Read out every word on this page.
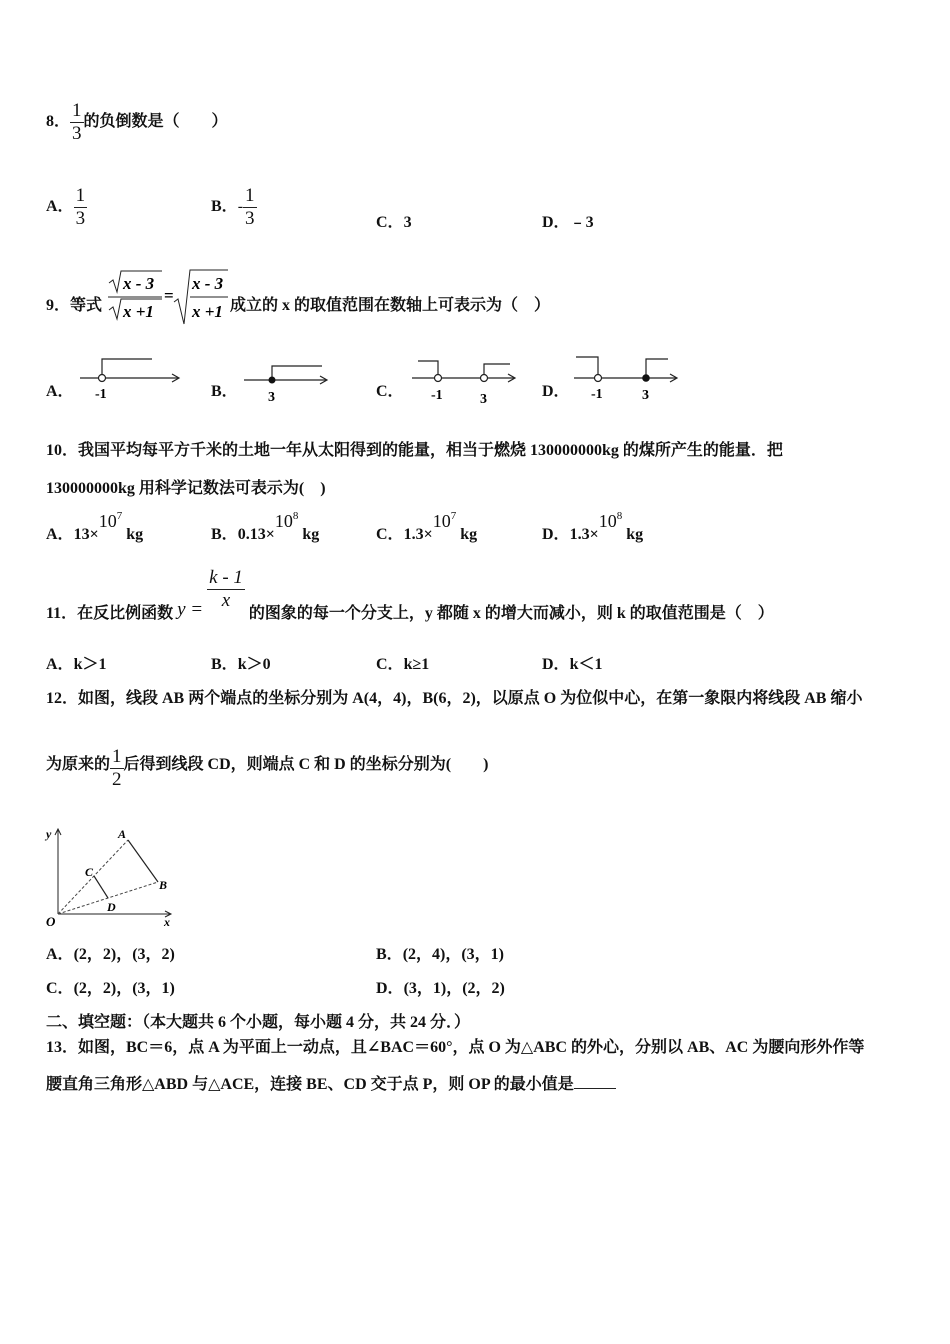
8． $\frac{1}{3}$ 的负倒数是（　　）
A． $\frac{1}{3}$	B．- $\frac{1}{3}$	C．3	D．﹣3
9．等式
x - 3
x +1
=
x - 3
x +1 成立的 x 的取值范围在数轴上可表示为（　）
A． -1	B． 3	C． -1	3	D． -1	3
10．我国平均每平方千米的土地一年从太阳得到的能量，相当于燃烧 130000000kg 的煤所产生的能量．把
130000000kg 用科学记数法可表示为(　)
A．$13\times 10^7$ kg	B．$0.13\times 10^8$ kg	C．$1.3\times 10^7$ kg	D．$1.3\times 10^8$ kg
11．在反比例函数 $y = \frac{k - 1}{x}$
的图象的每一个分支上，y 都随 x 的增大而减小，则 k 的取值范围是（　）
A．k＞1	B．k＞0	C．k≥1	D．k＜1
12．如图，线段 AB 两个端点的坐标分别为 A(4，4)，B(6，2)，以原点 O 为位似中心，在第一象限内将线段 AB 缩小
为原来的 $\frac{1}{2}$ 后得到线段 CD，则端点 C 和 D 的坐标分别为(　　)
y
x
O
A
B
C
D
A．(2，2)，(3，2)	B．(2，4)，(3，1)
C．(2，2)，(3，1)	D．(3，1)，(2，2)
二、填空题：（本大题共 6 个小题，每小题 4 分，共 24 分．）
13．如图，BC＝6，点 A 为平面上一动点，且∠BAC＝60°，点 O 为△ABC 的外心，分别以 AB、AC 为腰向形外作等
腰直角三角形△ABD 与△ACE，连接 BE、CD 交于点 P，则 OP 的最小值是
